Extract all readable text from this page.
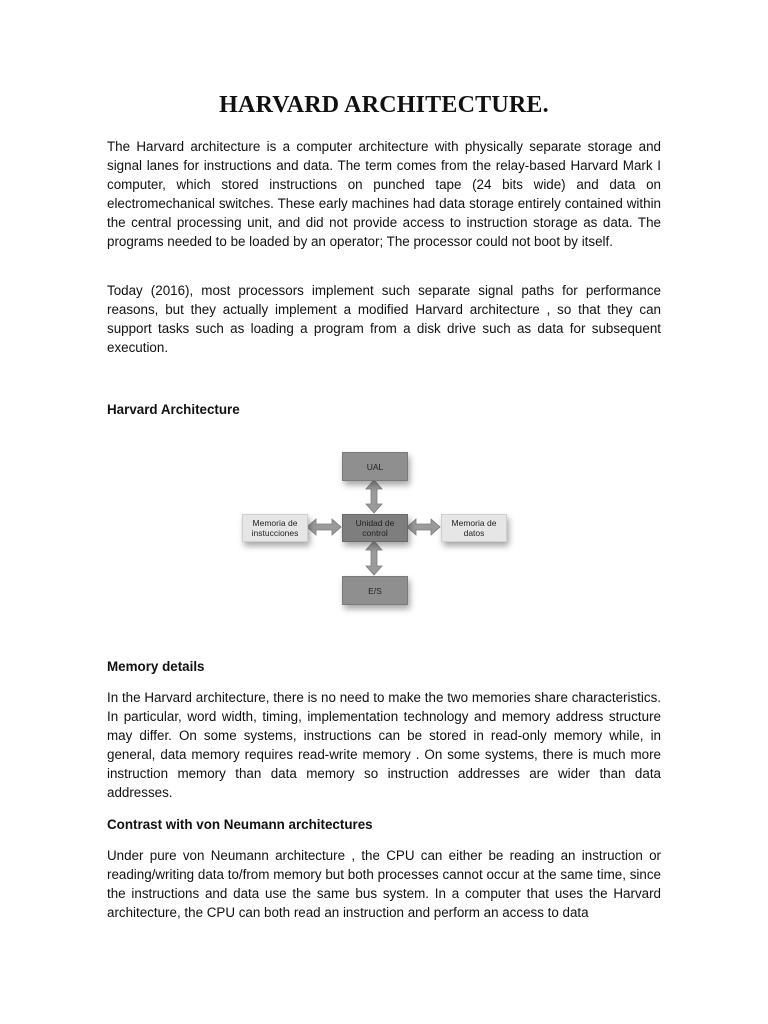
HARVARD ARCHITECTURE.

The Harvard architecture is a computer architecture with physically separate storage and signal lanes for instructions and data. The term comes from the relay-based Harvard Mark I computer, which stored instructions on punched tape (24 bits wide) and data on electromechanical switches. These early machines had data storage entirely contained within the central processing unit, and did not provide access to instruction storage as data. The programs needed to be loaded by an operator; The processor could not boot by itself.

Today (2016), most processors implement such separate signal paths for performance reasons, but they actually implement a modified Harvard architecture , so that they can support tasks such as loading a program from a disk drive such as data for subsequent execution.

Harvard Architecture
UAL
Memoria de instucciones
Unidad de control
Memoria de datos
E/S
Memory details

In the Harvard architecture, there is no need to make the two memories share characteristics. In particular, word width, timing, implementation technology and memory address structure may differ. On some systems, instructions can be stored in read-only memory while, in general, data memory requires read-write memory . On some systems, there is much more instruction memory than data memory so instruction addresses are wider than data addresses.

Contrast with von Neumann architectures

Under pure von Neumann architecture , the CPU can either be reading an instruction or reading/writing data to/from memory but both processes cannot occur at the same time, since the instructions and data use the same bus system. In a computer that uses the Harvard architecture, the CPU can both read an instruction and perform an access to data
